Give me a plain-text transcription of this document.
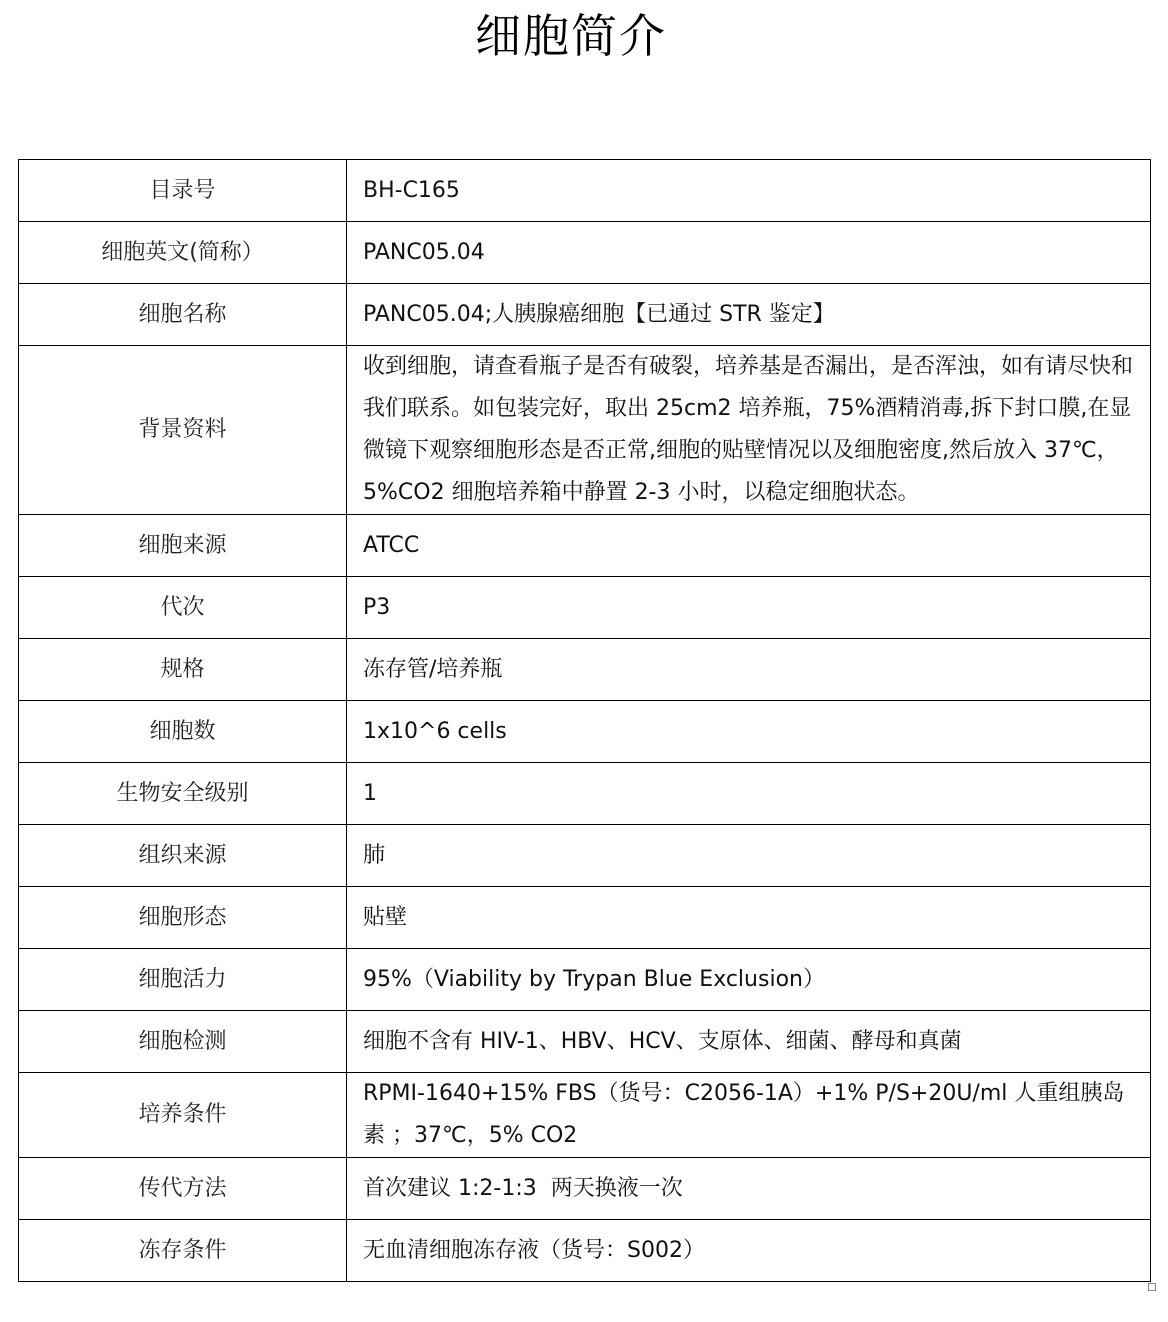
细胞简介
目录号	BH-C165
细胞英文(简称）	PANC05.04
细胞名称	PANC05.04;人胰腺癌细胞【已通过 STR 鉴定】
背景资料	收到细胞，请查看瓶子是否有破裂，培养基是否漏出，是否浑浊，如有请尽快和我们联系。如包装完好，取出 25cm2 培养瓶，75%酒精消毒,拆下封口膜,在显微镜下观察细胞形态是否正常,细胞的贴壁情况以及细胞密度,然后放入 37℃，5%CO2 细胞培养箱中静置 2-3 小时，以稳定细胞状态。
细胞来源	ATCC
代次	P3
规格	冻存管/培养瓶
细胞数	1x10^6 cells
生物安全级别	1
组织来源	肺
细胞形态	贴壁
细胞活力	95%（Viability by Trypan Blue Exclusion）
细胞检测	细胞不含有 HIV-1、HBV、HCV、支原体、细菌、酵母和真菌
培养条件	RPMI-1640+15% FBS（货号：C2056-1A）+1% P/S+20U/ml 人重组胰岛素 ；37℃，5% CO2
传代方法	首次建议 1:2-1:3  两天换液一次
冻存条件	无血清细胞冻存液（货号：S002）
